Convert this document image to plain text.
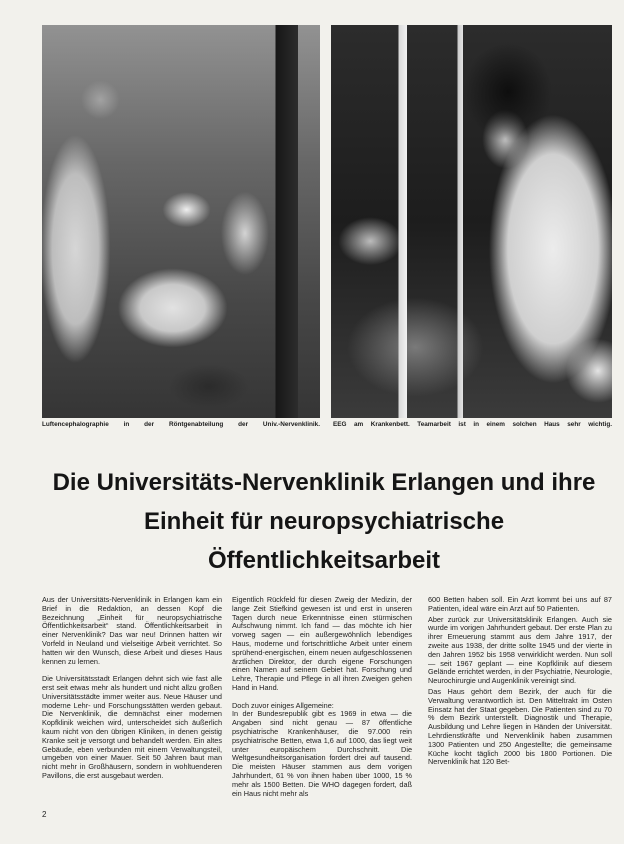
Luftencephalographie in der Röntgenabteilung der Univ.-Nervenklinik. EEG am Krankenbett. Teamarbeit ist in einem solchen Haus sehr wichtig.
Die Universitäts-Nervenklinik Erlangen und ihre
Einheit für neuropsychiatrische
Öffentlichkeitsarbeit

Aus der Universitäts-Nervenklinik in Erlangen kam ein Brief in die Redaktion, an dessen Kopf die Bezeichnung „Einheit für neuropsychiatrische Öffentlichkeitsarbeit“ stand. Öffentlichkeitsarbeit in einer Nervenklinik? Das war neu! Drinnen hatten wir Vorfeld in Neuland und vielseitige Arbeit verrichtet. So hatten wir den Wunsch, diese Arbeit und dieses Haus kennen zu lernen.

Die Universitätsstadt Erlangen dehnt sich wie fast alle erst seit etwas mehr als hundert und nicht allzu großen Universitätsstädte immer weiter aus. Neue Häuser und moderne Lehr- und Forschungsstätten werden gebaut. Die Nervenklinik, die demnächst einer modernen Kopfklinik weichen wird, unterscheidet sich äußerlich kaum nicht von den übrigen Kliniken, in denen geistig Kranke seit je versorgt und behandelt werden. Ein altes Gebäude, eben verbunden mit einem Verwaltungsteil, umgeben von einer Mauer. Seit 50 Jahren baut man nicht mehr in Großhäusern, sondern in wohltuenderen Pavillons, die erst ausgebaut werden.

Eigentlich Rückfeld für diesen Zweig der Medizin, der lange Zeit Stiefkind gewesen ist und erst in unseren Tagen durch neue Erkenntnisse einen stürmischen Aufschwung nimmt. Ich fand — das möchte ich hier vorweg sagen — ein außergewöhnlich lebendiges Haus, moderne und fortschrittliche Arbeit unter einem sprühend-energischen, einem neuen aufgeschlossenen ärztlichen Direktor, der durch eigene Forschungen einen Namen auf seinem Gebiet hat. Forschung und Lehre, Therapie und Pflege in all ihren Zweigen gehen Hand in Hand.

Doch zuvor einiges Allgemeine:

In der Bundesrepublik gibt es 1969 in etwa — die Angaben sind nicht genau — 87 öffentliche psychiatrische Krankenhäuser, die 97.000 rein psychiatrische Betten, etwa 1,6 auf 1000, das liegt weit unter europäischem Durchschnitt. Die Weltgesundheitsorganisation fordert drei auf tausend. Die meisten Häuser stammen aus dem vorigen Jahrhundert, 61 % von ihnen haben über 1000, 15 % mehr als 1500 Betten. Die WHO dagegen fordert, daß ein Haus nicht mehr als

600 Betten haben soll. Ein Arzt kommt bei uns auf 87 Patienten, ideal wäre ein Arzt auf 50 Patienten.

Aber zurück zur Universitätsklinik Erlangen. Auch sie wurde im vorigen Jahrhundert gebaut. Der erste Plan zu ihrer Erneuerung stammt aus dem Jahre 1917, der zweite aus 1938, der dritte sollte 1945 und der vierte in den Jahren 1952 bis 1958 verwirklicht werden. Nun soll — seit 1967 geplant — eine Kopfklinik auf diesem Gelände errichtet werden, in der Psychiatrie, Neurologie, Neurochirurgie und Augenklinik vereinigt sind.

Das Haus gehört dem Bezirk, der auch für die Verwaltung verantwortlich ist. Den Mitteltrakt im Osten Einsatz hat der Staat gegeben. Die Patienten sind zu 70 % dem Bezirk unterstellt. Diagnostik und Therapie, Ausbildung und Lehre liegen in Händen der Universität. Lehrdienstkräfte und Nervenklinik haben zusammen 1300 Patienten und 250 Angestellte; die gemeinsame Küche kocht täglich 2000 bis 1800 Portionen. Die Nervenklinik hat 120 Bet-

2
